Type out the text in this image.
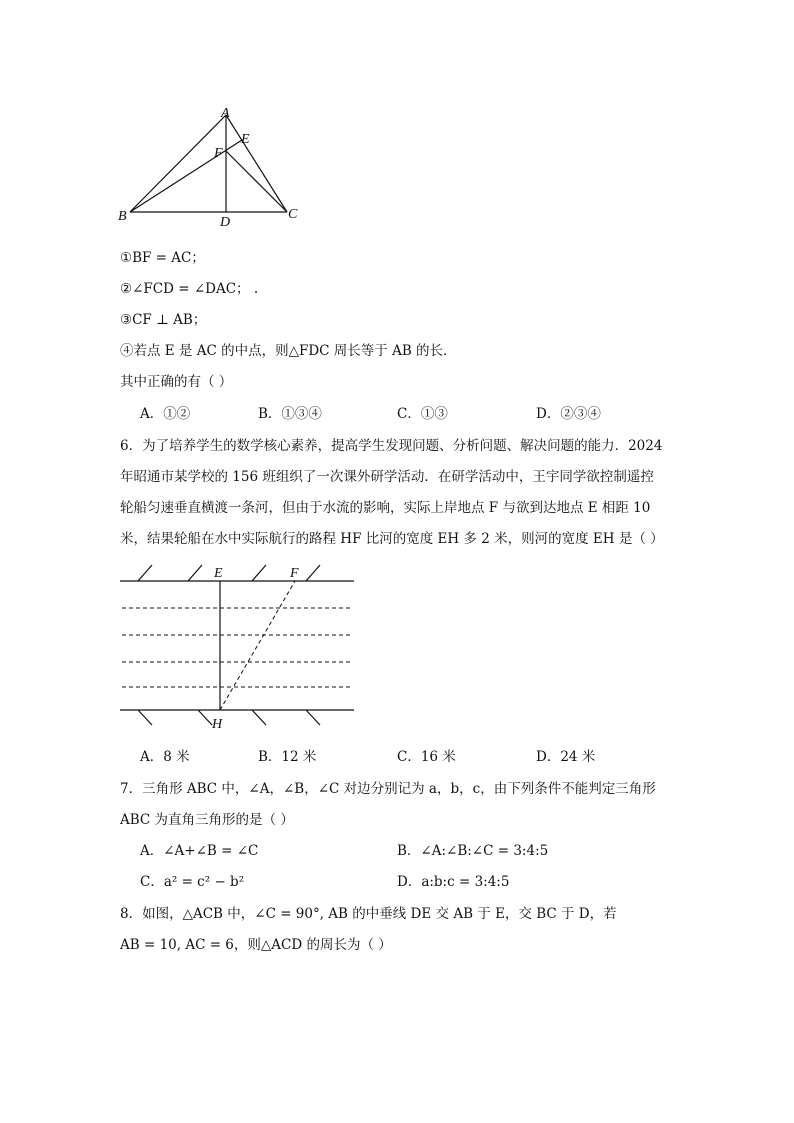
A
E
F
B	D
C
①BF = AC；
②∠FCD = ∠DAC； .
③CF ⊥ AB；
④若点 E 是 AC 的中点，则△FDC 周长等于 AB 的长．
其中正确的有（ ）
A．①②	B．①③④	C．①③	D．②③④
6．为了培养学生的数学核心素养，提高学生发现问题、分析问题、解决问题的能力．2024
年昭通市某学校的 156 班组织了一次课外研学活动．在研学活动中，王宇同学欲控制遥控
轮船匀速垂直横渡一条河，但由于水流的影响，实际上岸地点 F 与欲到达地点 E 相距 10
米，结果轮船在水中实际航行的路程 HF 比河的宽度 EH 多 2 米，则河的宽度 EH 是（ ）
E	F
H
A．8 米	B．12 米	C．16 米	D．24 米
7．三角形 ABC 中，∠A，∠B，∠C 对边分别记为 a，b，c，由下列条件不能判定三角形
ABC 为直角三角形的是（ ）
A．∠A+∠B = ∠C	B．∠A:∠B:∠C = 3:4:5
C．a² = c² − b²	D．a:b:c = 3:4:5
8．如图，△ACB 中，∠C = 90°, AB 的中垂线 DE 交 AB 于 E，交 BC 于 D，若
AB = 10, AC = 6，则△ACD 的周长为（ ）
